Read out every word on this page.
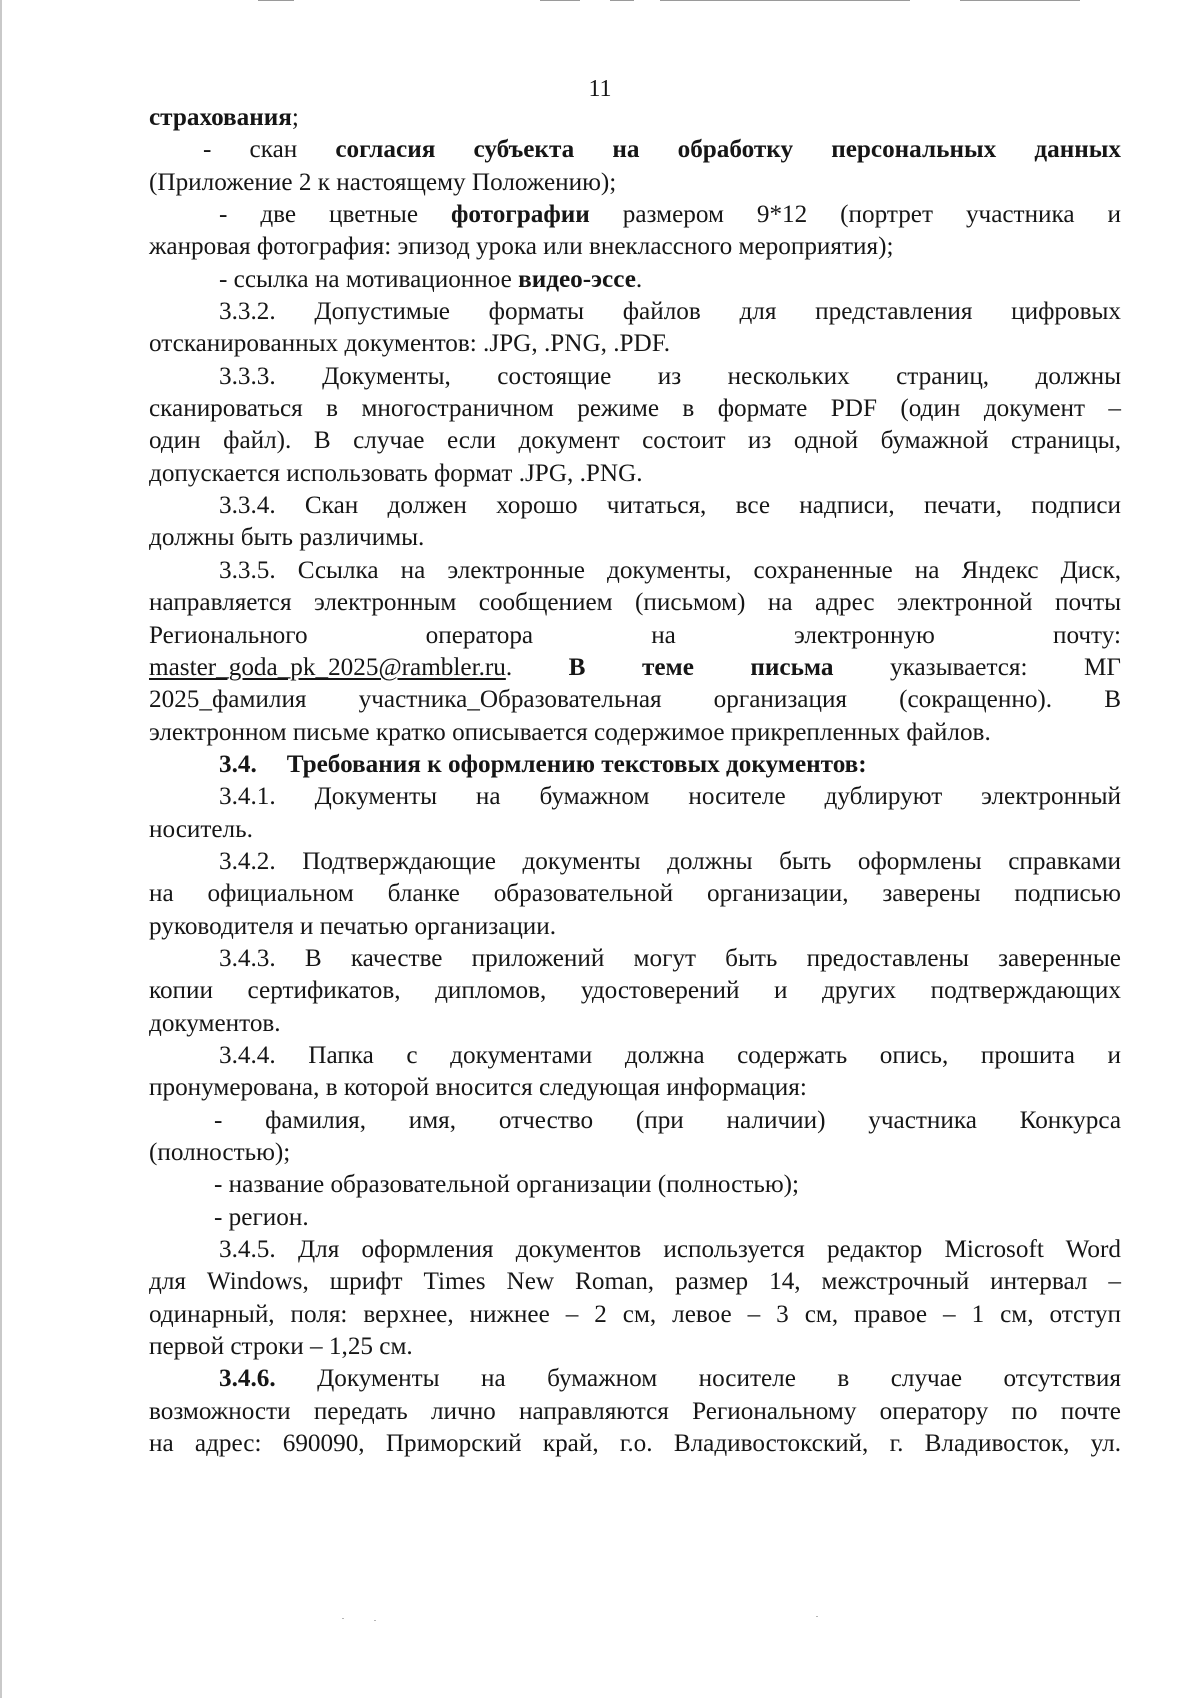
11
страхования;
- скан согласия субъекта на обработку персональных данных
(Приложение 2 к настоящему Положению);
- две цветные фотографии размером 9*12 (портрет участника и
жанровая фотография: эпизод урока или внеклассного мероприятия);
- ссылка на мотивационное видео-эссе.
3.3.2. Допустимые форматы файлов для представления цифровых
отсканированных документов: .JPG, .PNG, .PDF.
3.3.3. Документы, состоящие из нескольких страниц, должны
сканироваться в многостраничном режиме в формате PDF (один документ –
один файл). В случае если документ состоит из одной бумажной страницы,
допускается использовать формат .JPG, .PNG.
3.3.4. Скан должен хорошо читаться, все надписи, печати, подписи
должны быть различимы.
3.3.5. Ссылка на электронные документы, сохраненные на Яндекс Диск,
направляется электронным сообщением (письмом) на адрес электронной почты
Регионального оператора на электронную почту:
master_goda_pk_2025@rambler.ru. В теме письма указывается: МГ
2025_фамилия участника_Образовательная организация (сокращенно). В
электронном письме кратко описывается содержимое прикрепленных файлов.
3.4. Требования к оформлению текстовых документов:
3.4.1. Документы на бумажном носителе дублируют электронный
носитель.
3.4.2. Подтверждающие документы должны быть оформлены справками
на официальном бланке образовательной организации, заверены подписью
руководителя и печатью организации.
3.4.3. В качестве приложений могут быть предоставлены заверенные
копии сертификатов, дипломов, удостоверений и других подтверждающих
документов.
3.4.4. Папка с документами должна содержать опись, прошита и
пронумерована, в которой вносится следующая информация:
- фамилия, имя, отчество (при наличии) участника Конкурса
(полностью);
- название образовательной организации (полностью);
- регион.
3.4.5. Для оформления документов используется редактор Microsoft Word
для Windows, шрифт Times New Roman, размер 14, межстрочный интервал –
одинарный, поля: верхнее, нижнее – 2 см, левое – 3 см, правое – 1 см, отступ
первой строки – 1,25 см.
3.4.6. Документы на бумажном носителе в случае отсутствия
возможности передать лично направляются Региональному оператору по почте
на адрес: 690090, Приморский край, г.о. Владивостокский, г. Владивосток, ул.
